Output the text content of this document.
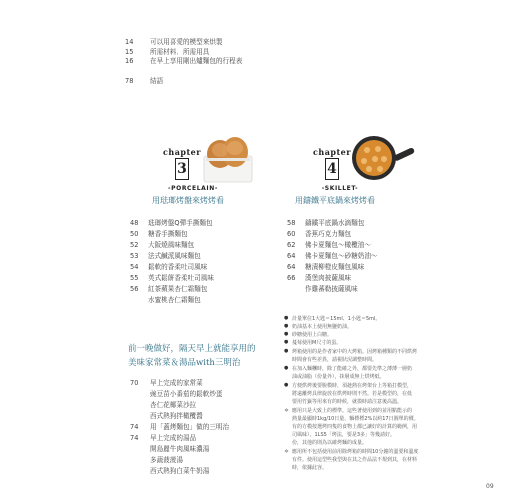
14	可以用喜愛的模型來烘製
15	所需材料．所需用具
16	在早上享用剛出爐麵包的行程表
78	結語
chapter
3
-PORCELAIN-
用琺瑯烤盤來烤烤看
chapter
4
-SKILLET-
用鑄鐵平底鍋來烤烤看
48	琺瑯烤盤Q彈手撕麵包
50	糖香手撕麵包
52	大阪燒風味麵包
53	法式鹹派風味麵包
54	鬆軟的香柔吐司風味
55	英式鬆餅香柔吐司風味
56	紅茶蘋果杏仁霜麵包
水蜜桃杏仁霜麵包
58	鑄鐵平底鍋水滴麵包
60	香蕉巧克力麵包
62	佛卡夏麵包～橄欖油～
64	佛卡夏麵包～砂糖奶油～
64	糖漬柳橙皮麵包風味
66	漢堡肉披薩風味
作雞蕃勒披薩風味
● 計量單位1大匙＝15ml、1小匙＝5ml。
● 奶油基本上使用無鹽奶油。
● 砂糖使用上白糖。
● 蔓莓使用M尺寸的蛋。
● 烤箱使用的是作者家中的大烤箱。因烤箱種類的不同烘烤
時間會有些差異，請視狀況調整時間。
● 在加入麵糰時，除了能確之外，都要先準之薄薄一層奶
油或油脂（份量外），抹層成無上烘烤紙。
● 方便烘烤後要脫模時，須趁熱在烤架台上等箱打模型，
將遠離烤具律旋放在烘烤時則不然。若是模型的，在低
要用竹籤等用來有的時候，就摸時請注意後高溫。
＊ 應用只是大致上的標準。這些著使用到的並用點能示的
熱量最顯時1kg/10日量，麵標標2%以約17日圓單的價。
有的方模按選烤四隻的食物上都已讓好的計算的範例，用
司風味）、1LS5「烤法，要是3多」等幾請好。
份，其他的則為以確烤麵的成量。
＊ 應用所不包括使用前用除烤箱的時間10分鐘的溫要和溫度
有件。使用這型些我型與在其之作品法不規到其，在材料
時，依據此容。
前一晚做好，隔天早上就能享用的
美味家常菜＆湯品with三明治
70	早上完成的家常菜
豌豆苗小番茄的鬆軟炒蛋
杏仁花椰菜沙拉
西式熱狗拌橄欖醬
74	用「蓋烤麵包」做的三明治
74	早上完成的湯品
開島麗牛肉風味濃湯
多蔬菠菠湯
西式熱狗白菜牛奶湯
09
